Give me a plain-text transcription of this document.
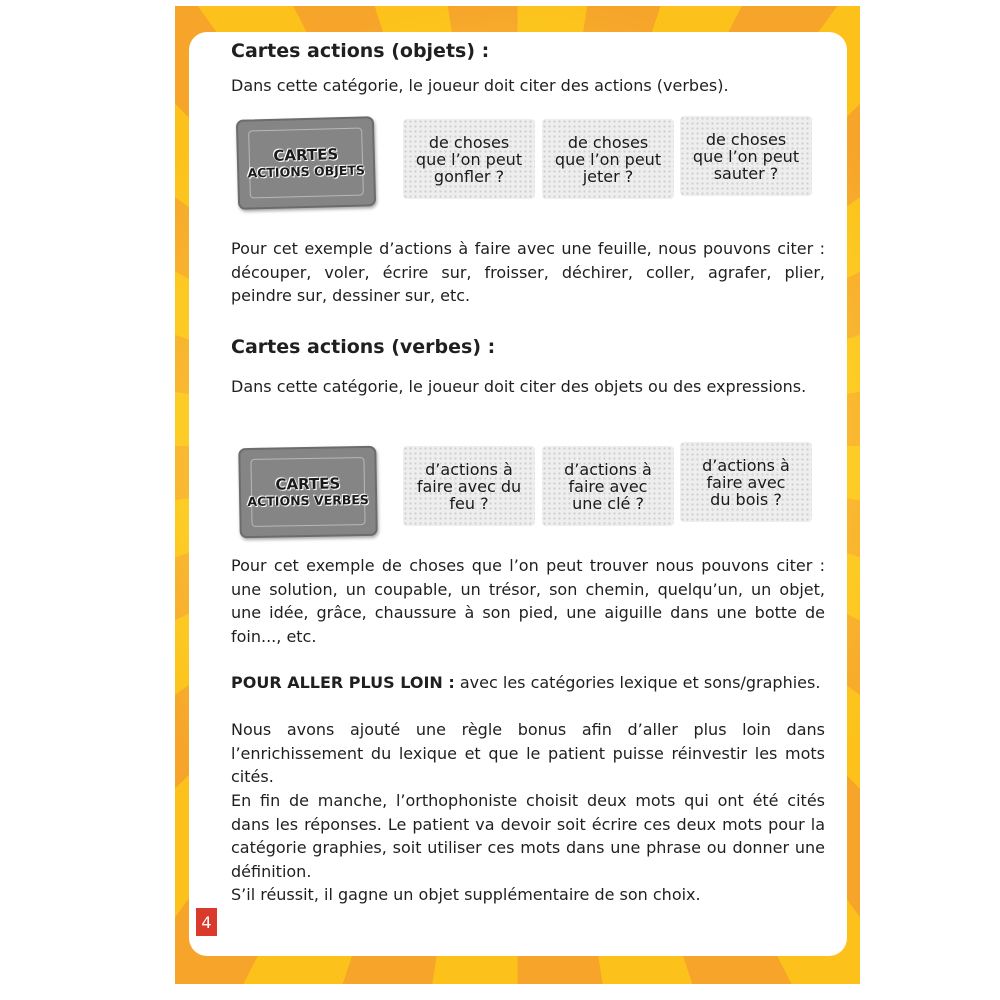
Cartes actions (objets) :

Dans cette catégorie, le joueur doit citer des actions (verbes).

CARTES
ACTIONS OBJETS
de choses
que l’on peut
gonfler ?
de choses
que l’on peut
jeter ?
de choses
que l’on peut
sauter ?

Pour cet exemple d’actions à faire avec une feuille, nous pouvons citer : découper, voler, écrire sur, froisser, déchirer, coller, agrafer, plier, peindre sur, dessiner sur, etc.

Cartes actions (verbes) :

Dans cette catégorie, le joueur doit citer des objets ou des expressions.

CARTES
ACTIONS VERBES
d’actions à
faire avec du
feu ?
d’actions à
faire avec
une clé ?
d’actions à
faire avec
du bois ?

Pour cet exemple de choses que l’on peut trouver nous pouvons citer : une solution, un coupable, un trésor, son chemin, quelqu’un, un objet, une idée, grâce, chaussure à son pied, une aiguille dans une botte de foin..., etc.

POUR ALLER PLUS LOIN : avec les catégories lexique et sons/graphies.

Nous avons ajouté une règle bonus afin d’aller plus loin dans l’enrichissement du lexique et que le patient puisse réinvestir les mots cités.

En fin de manche, l’orthophoniste choisit deux mots qui ont été cités dans les réponses. Le patient va devoir soit écrire ces deux mots pour la catégorie graphies, soit utiliser ces mots dans une phrase ou donner une définition.

S’il réussit, il gagne un objet supplémentaire de son choix.

4
